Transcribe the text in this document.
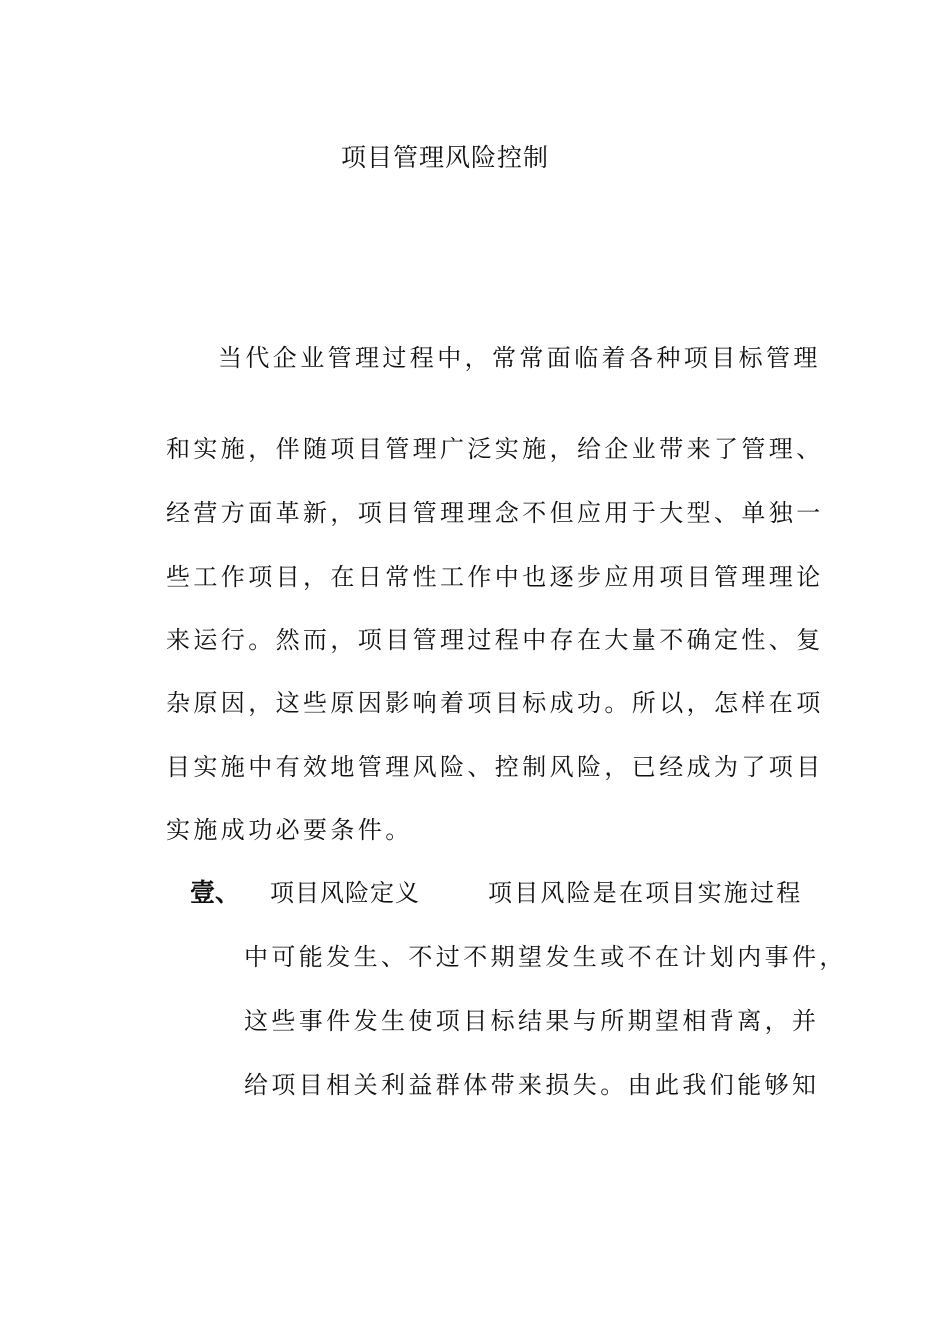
项目管理风险控制
当代企业管理过程中，常常面临着各种项目标管理
和实施，伴随项目管理广泛实施，给企业带来了管理、
经营方面革新，项目管理理念不但应用于大型、单独一
些工作项目，在日常性工作中也逐步应用项目管理理论
来运行。然而，项目管理过程中存在大量不确定性、复
杂原因，这些原因影响着项目标成功。所以，怎样在项
目实施中有效地管理风险、控制风险，已经成为了项目
实施成功必要条件。
壹、 项目风险定义	项目风险是在项目实施过程
中可能发生、不过不期望发生或不在计划内事件，
这些事件发生使项目标结果与所期望相背离，并
给项目相关利益群体带来损失。由此我们能够知
